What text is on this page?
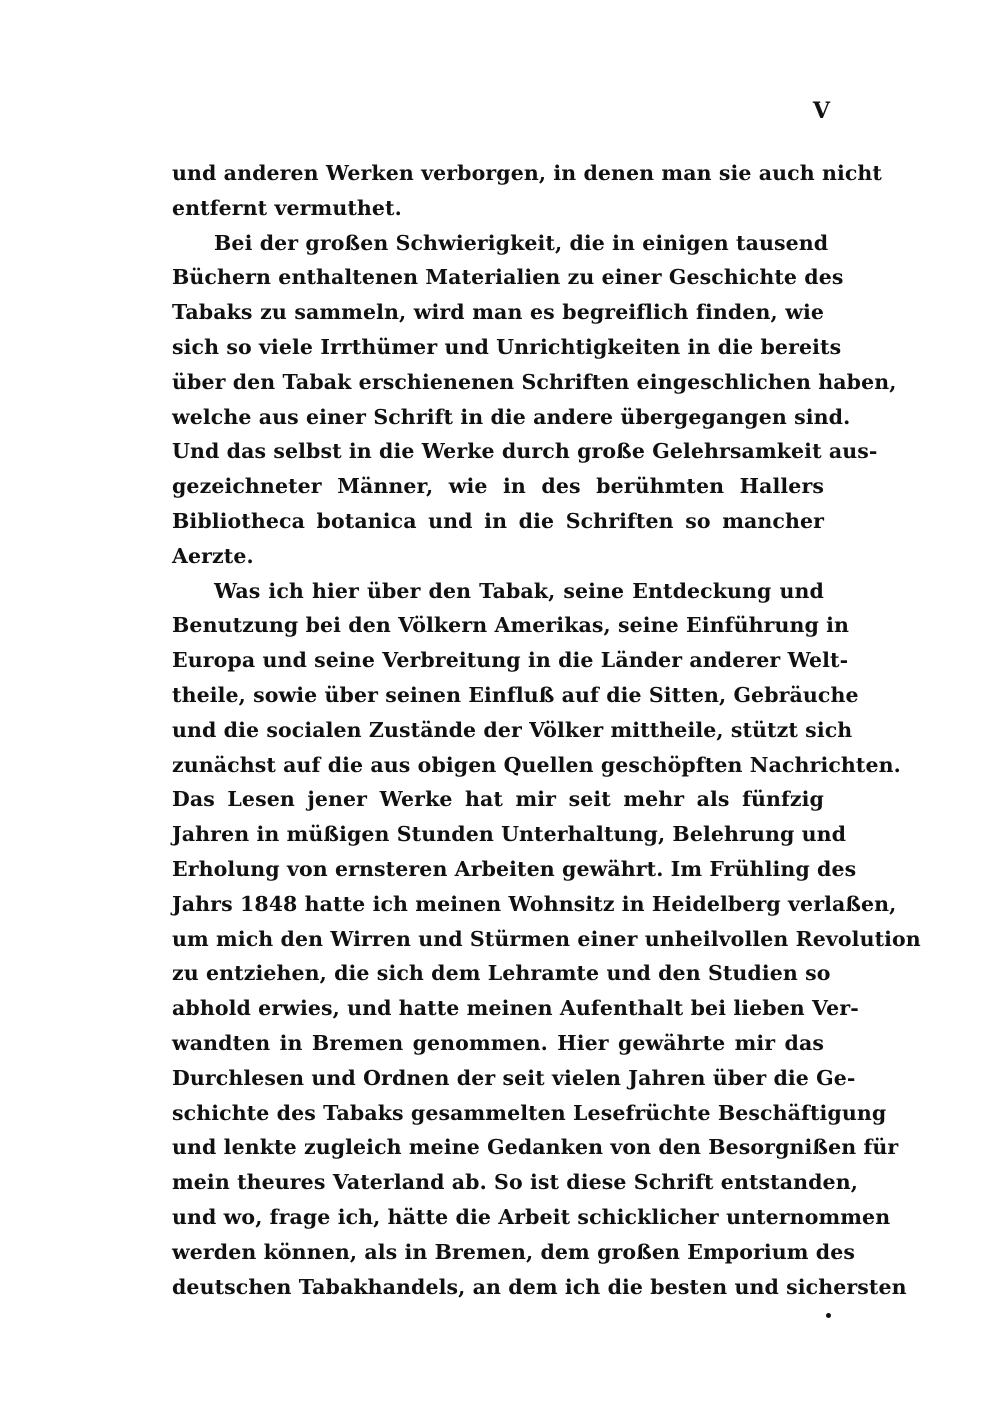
V
und anderen Werken verborgen, in denen man sie auch nicht
entfernt vermuthet.
Bei der großen Schwierigkeit, die in einigen tausend
Büchern enthaltenen Materialien zu einer Geschichte des
Tabaks zu sammeln, wird man es begreiflich finden, wie
sich so viele Irrthümer und Unrichtigkeiten in die bereits
über den Tabak erschienenen Schriften eingeschlichen haben,
welche aus einer Schrift in die andere übergegangen sind.
Und das selbst in die Werke durch große Gelehrsamkeit aus-
gezeichneter Männer, wie in des berühmten Hallers
Bibliotheca botanica und in die Schriften so mancher
Aerzte.
Was ich hier über den Tabak, seine Entdeckung und
Benutzung bei den Völkern Amerikas, seine Einführung in
Europa und seine Verbreitung in die Länder anderer Welt-
theile, sowie über seinen Einfluß auf die Sitten, Gebräuche
und die socialen Zustände der Völker mittheile, stützt sich
zunächst auf die aus obigen Quellen geschöpften Nachrichten.
Das Lesen jener Werke hat mir seit mehr als fünfzig
Jahren in müßigen Stunden Unterhaltung, Belehrung und
Erholung von ernsteren Arbeiten gewährt. Im Frühling des
Jahrs 1848 hatte ich meinen Wohnsitz in Heidelberg verlaßen,
um mich den Wirren und Stürmen einer unheilvollen Revolution
zu entziehen, die sich dem Lehramte und den Studien so
abhold erwies, und hatte meinen Aufenthalt bei lieben Ver-
wandten in Bremen genommen. Hier gewährte mir das
Durchlesen und Ordnen der seit vielen Jahren über die Ge-
schichte des Tabaks gesammelten Lesefrüchte Beschäftigung
und lenkte zugleich meine Gedanken von den Besorgnißen für
mein theures Vaterland ab. So ist diese Schrift entstanden,
und wo, frage ich, hätte die Arbeit schicklicher unternommen
werden können, als in Bremen, dem großen Emporium des
deutschen Tabakhandels, an dem ich die besten und sichersten
